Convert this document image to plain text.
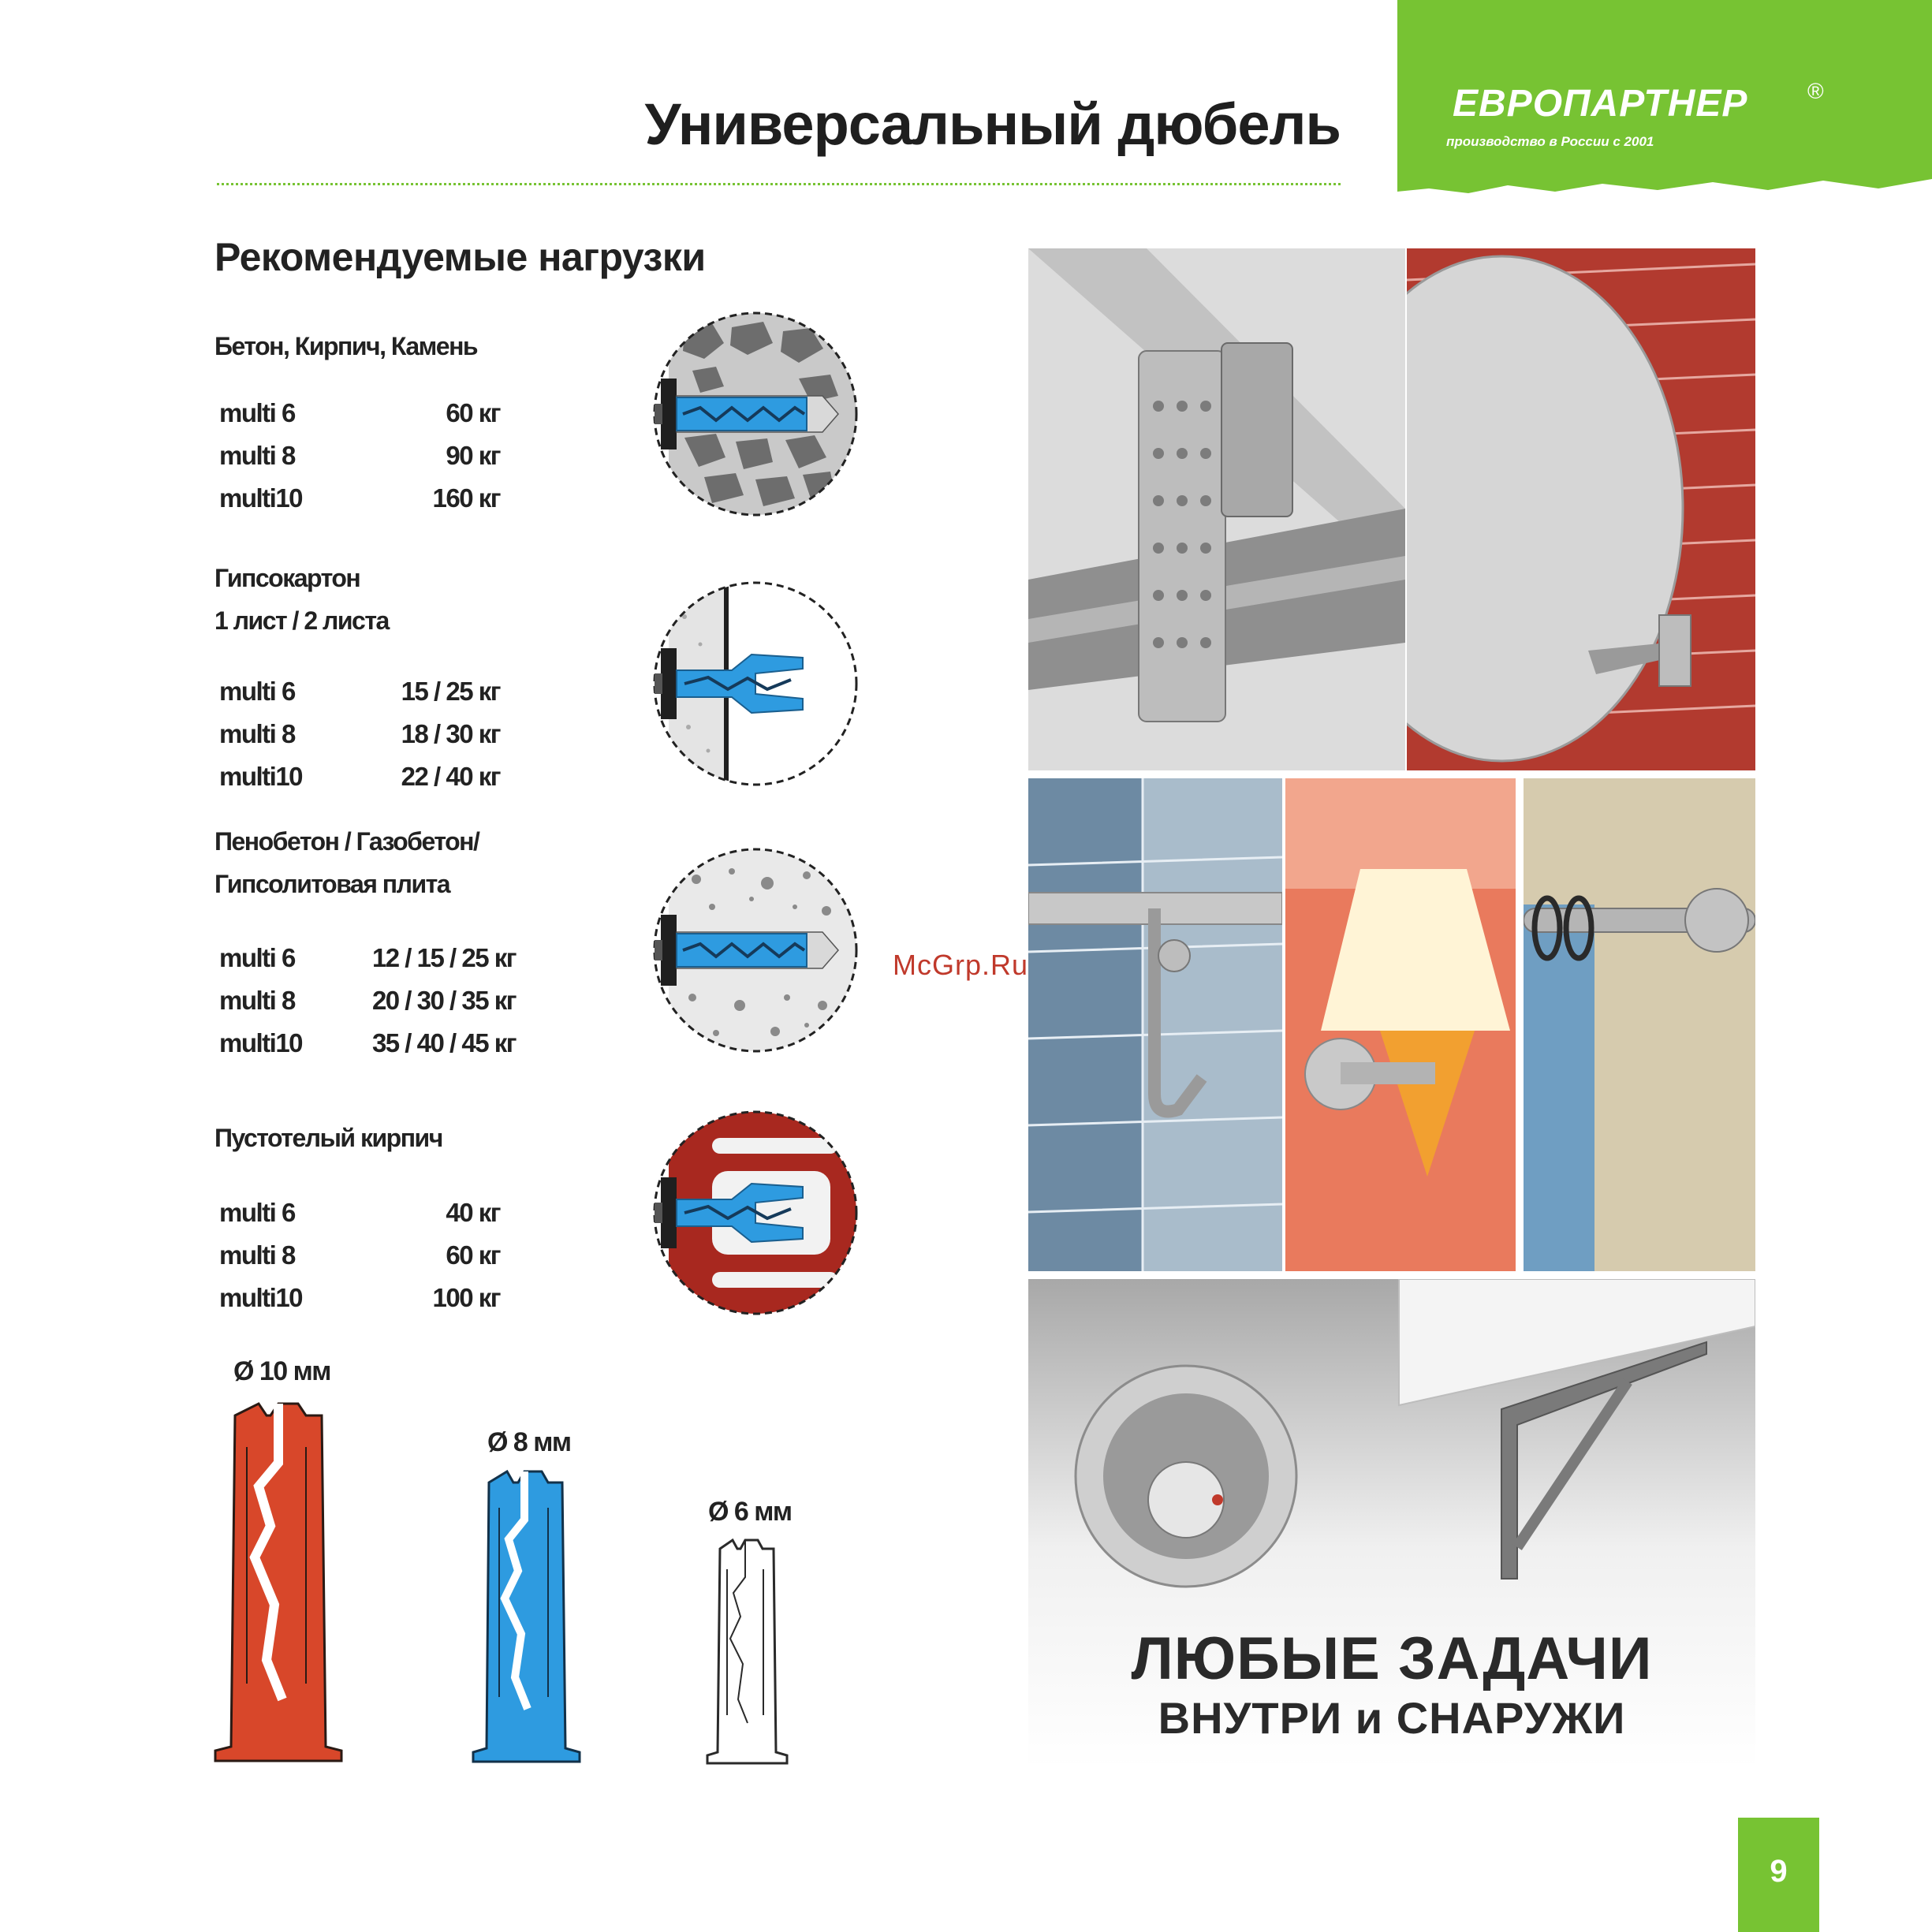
ЕВРОПАРТНЕР	®
производство в России с 2001
Универсальный дюбель
Рекомендуемые нагрузки
Бетон, Кирпич, Камень
multi 6	60 кг
multi 8	90 кг
multi10	160 кг
Гипсокартон
1 лист / 2 листа
multi 6	15 / 25 кг
multi 8	18 / 30 кг
multi10	22 / 40 кг
Пенобетон / Газобетон/
Гипсолитовая плита
multi 6	12 / 15 / 25 кг
multi 8	20 / 30 / 35 кг
multi10	35 / 40 / 45 кг
Пустотелый кирпич
multi 6	40 кг
multi 8	60 кг
multi10	100 кг
Ø 10 мм
Ø 8 мм
Ø 6 мм
ЛЮБЫЕ ЗАДАЧИ
ВНУТРИ и СНАРУЖИ
McGrp.Ru
9
